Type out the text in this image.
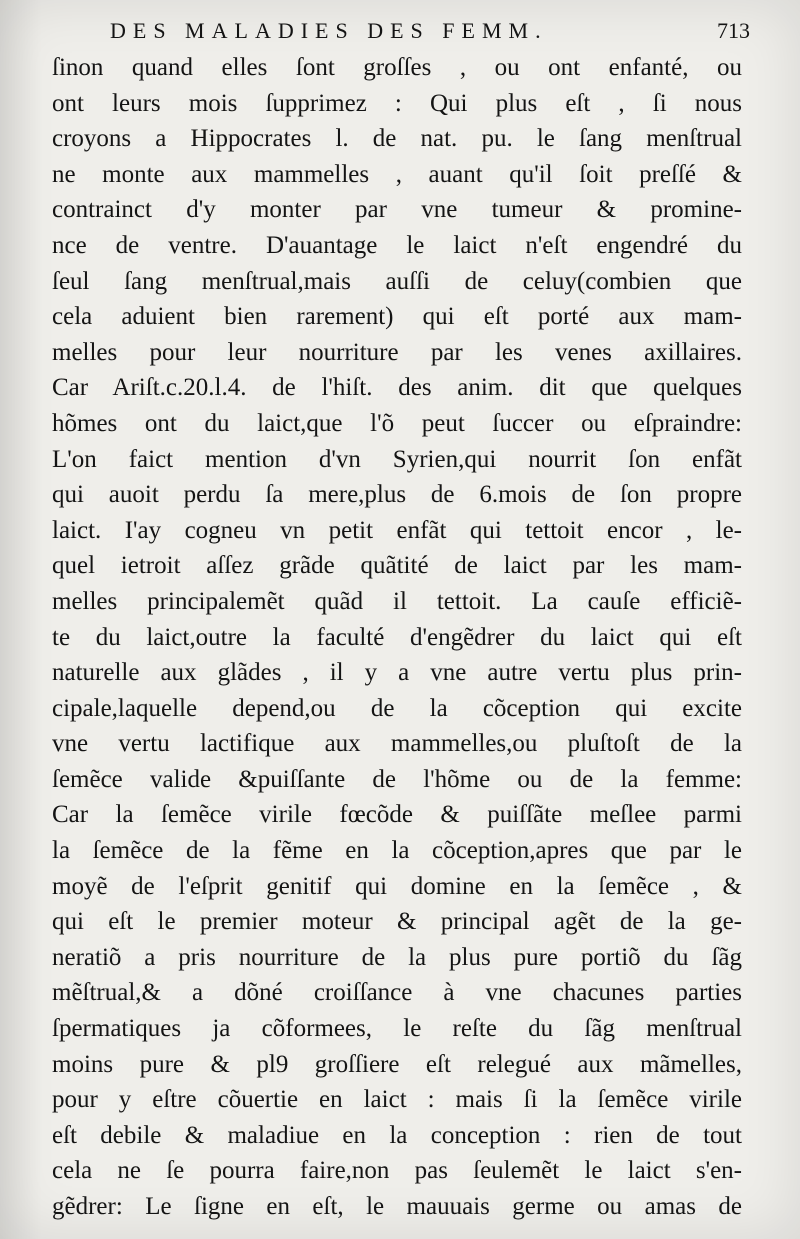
DES MALADIES DES FEMM.	713
ſinon quand elles ſont groſſes , ou ont enfanté, ou
ont leurs mois ſupprimez : Qui plus eſt , ſi nous
croyons a Hippocrates l. de nat. pu. le ſang menſtrual
ne monte aux mammelles , auant qu'il ſoit preſſé &
contrainct d'y monter par vne tumeur & promine-
nce de ventre. D'auantage le laict n'eſt engendré du
ſeul ſang menſtrual,mais auſſi de celuy(combien que
cela aduient bien rarement) qui eſt porté aux mam-
melles pour leur nourriture par les venes axillaires.
Car Ariſt.c.20.l.4. de l'hiſt. des anim. dit que quelques
hõmes ont du laict,que l'õ peut ſuccer ou eſpraindre:
L'on faict mention d'vn Syrien,qui nourrit ſon enfãt
qui auoit perdu ſa mere,plus de 6.mois de ſon propre
laict. I'ay cogneu vn petit enfãt qui tettoit encor , le-
quel ietroit aſſez grãde quãtité de laict par les mam-
melles principalemẽt quãd il tettoit. La cauſe efficiẽ-
te du laict,outre la faculté d'engẽdrer du laict qui eſt
naturelle aux glãdes , il y a vne autre vertu plus prin-
cipale,laquelle depend,ou de la cõception qui excite
vne vertu lactifique aux mammelles,ou pluſtoſt de la
ſemẽce valide &puiſſante de l'hõme ou de la femme:
Car la ſemẽce virile fœcõde & puiſſãte meſlee parmi
la ſemẽce de la fẽme en la cõception,apres que par le
moyẽ de l'eſprit genitif qui domine en la ſemẽce , &
qui eſt le premier moteur & principal agẽt de la ge-
neratiõ a pris nourriture de la plus pure portiõ du ſãg
mẽſtrual,& a dõné croiſſance à vne chacunes parties
ſpermatiques ja cõformees, le reſte du ſãg menſtrual
moins pure & pl9 groſſiere eſt relegué aux mãmelles,
pour y eſtre cõuertie en laict : mais ſi la ſemẽce virile
eſt debile & maladiue en la conception : rien de tout
cela ne ſe pourra faire,non pas ſeulemẽt le laict s'en-
gẽdrer: Le ſigne en eſt, le mauuais germe ou amas de
